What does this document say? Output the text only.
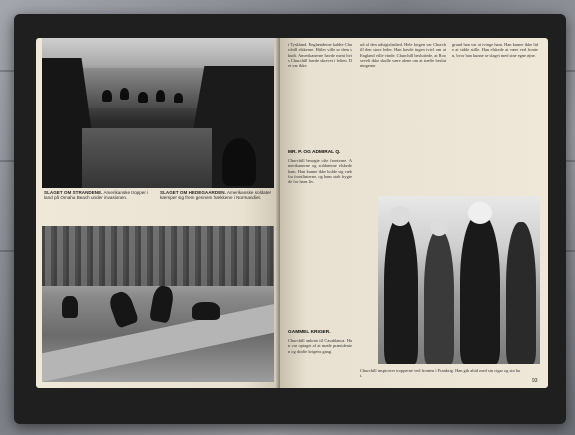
SLAGET OM STRANDENE. Amerikanske tropper i land på Omaha Beach under invasionen.
SLAGET OM HEDEGAARDEN. Amerikanske soldater kæmper sig frem gennem hækkene i Normandiet.
i Tyskland. Englænderne kaldte Churchill elskerne. Hitler ville se dem skudt. Amerikanerne havde ment hvis Churchill havde skrevet i felten. Det var ikke.
MR. P. OG ADMIRAL Q.
Churchill besøgte ofte fronterne. Amerikanerne og soldaterne elskede ham. Han kunne ikke holde sig væk fra frontlinierne, og hans stab frygtede for hans liv.
GAMMEL KRIGER.
Churchill ankom til Casablanca. Han var optaget af at møde præsidenten og drøfte krigens gang.
ud af den udsigtsløshed. Hele krigen var Churchill den store leder. Han havde ingen tvivl om at England ville vinde. Churchill besluttede, at Roosevelt ikke skulle være alene om at træffe beslutningerne.
grund han var at tvinge ham. Han kunne ikke lide at sidde stille. Han elskede at være ved fronten, hvor han kunne se slaget med sine egne øjne.
Churchill inspicerer tropperne ved fronten i Frankrig. Han gik altid med sin cigar og sin hat.
93
